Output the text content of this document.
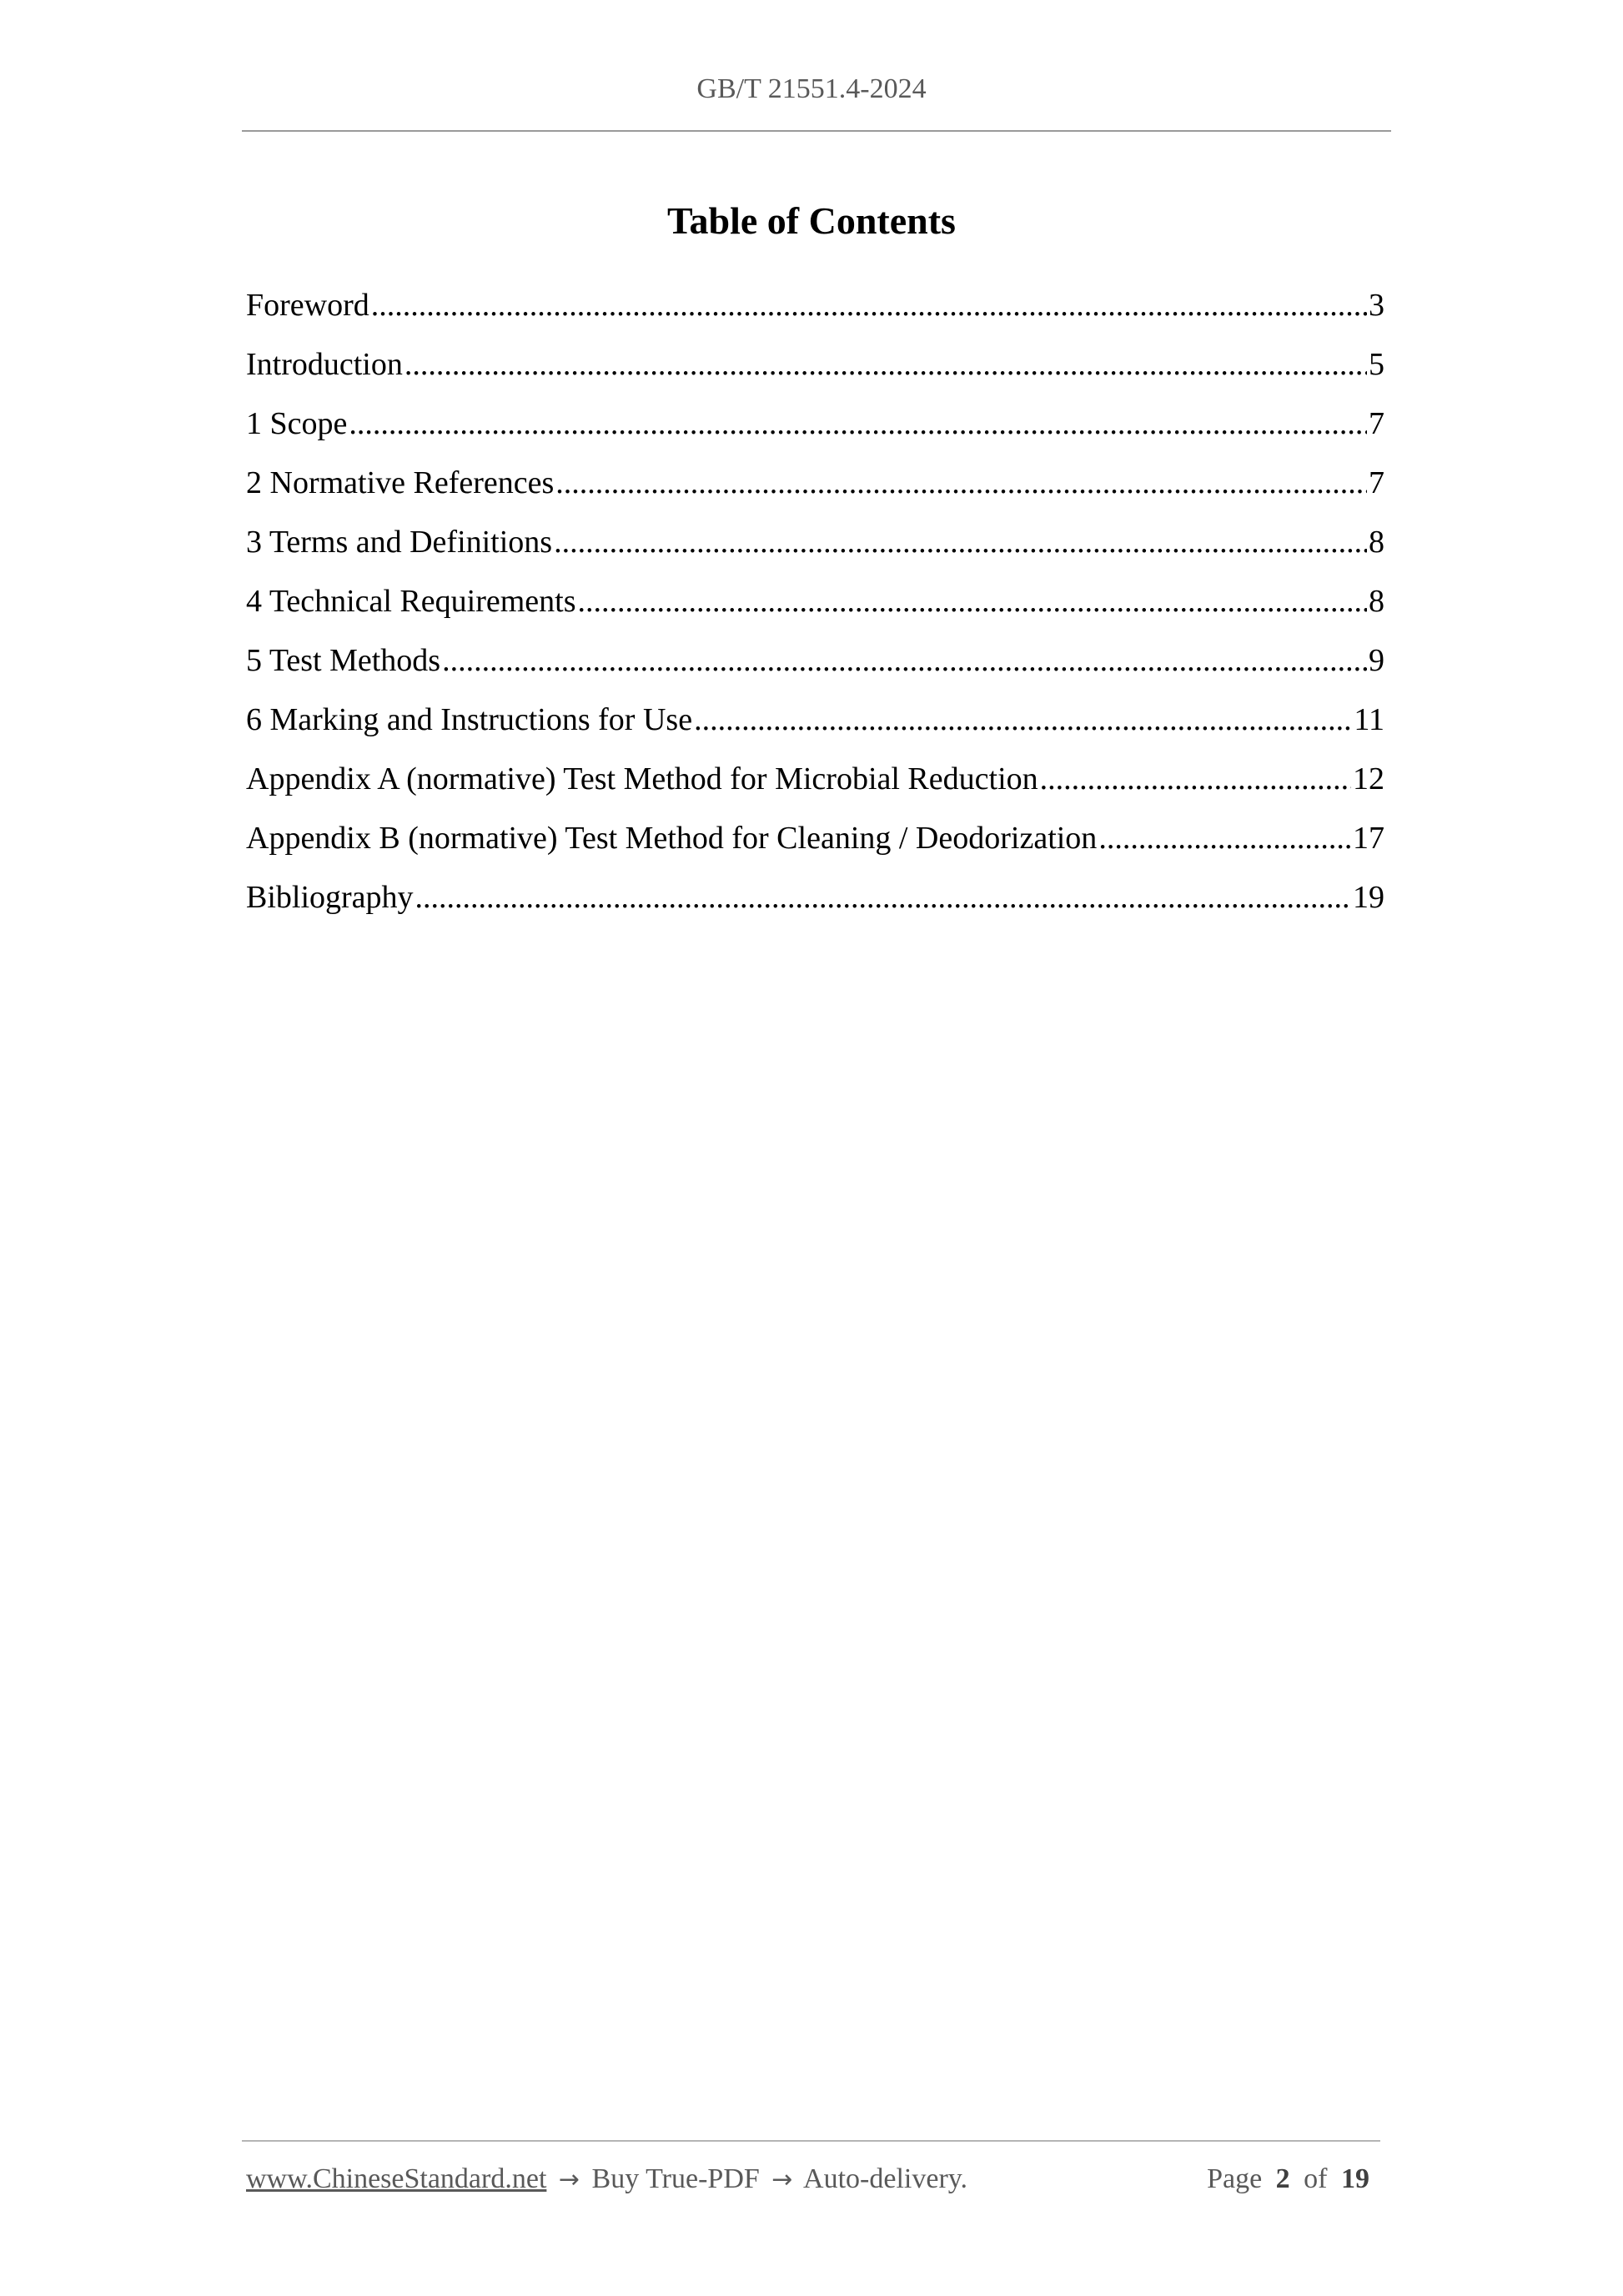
GB/T 21551.4-2024
Table of Contents
Foreword .....	3
Introduction .....	5
1 Scope .....	7
2 Normative References .....	7
3 Terms and Definitions .....	8
4 Technical Requirements .....	8
5 Test Methods .....	9
6 Marking and Instructions for Use .....	11
Appendix A (normative) Test Method for Microbial Reduction .....	12
Appendix B (normative) Test Method for Cleaning / Deodorization .....	17
Bibliography .....	19
www.ChineseStandard.net → Buy True-PDF → Auto-delivery.	Page 2 of 19
